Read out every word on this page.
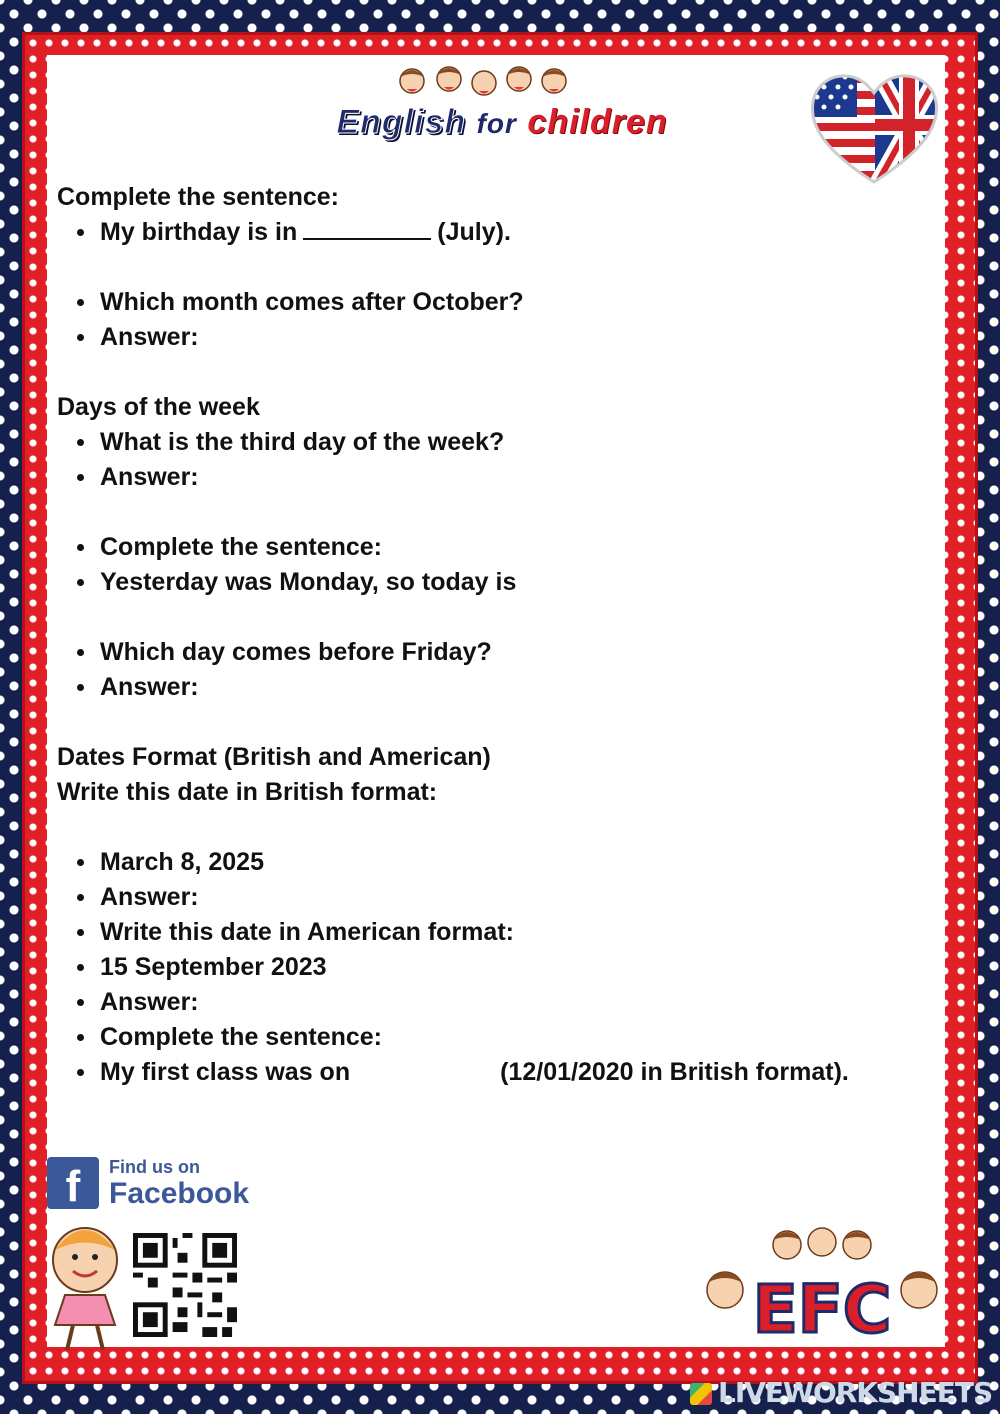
English for children
Complete the sentence:
My birthday is in	(July).
Which month comes after October?
Answer:
Days of the week
What is the third day of the week?
Answer:
Complete the sentence:
Yesterday was Monday, so today is
Which day comes before Friday?
Answer:
Dates Format (British and American)
Write this date in British format:
March 8, 2025
Answer:
Write this date in American format:
15 September 2023
Answer:
Complete the sentence:
My first class was on	(12/01/2020 in British format).
f	Find us on
Facebook
EFC
LIVEWORKSHEETS
